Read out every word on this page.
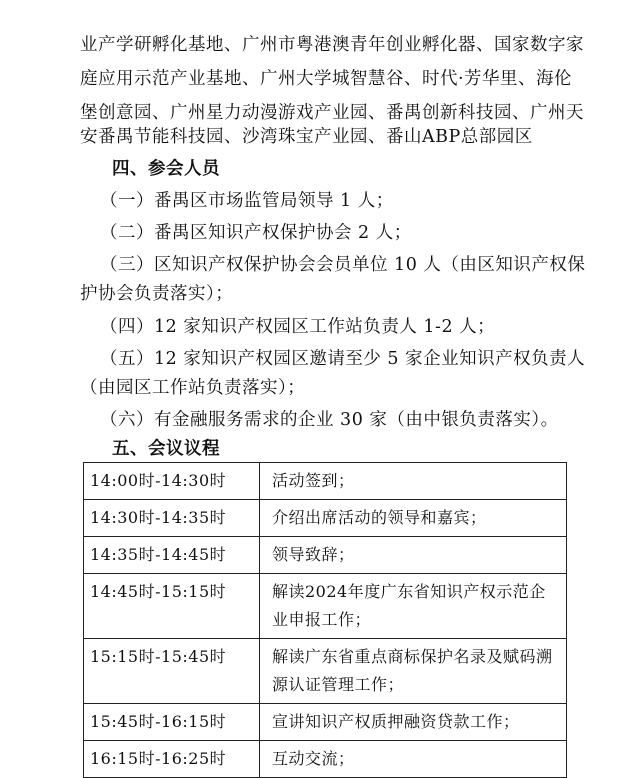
业产学研孵化基地、广州市粤港澳青年创业孵化器、国家数字家
庭应用示范产业基地、广州大学城智慧谷、时代·芳华里、海伦
堡创意园、广州星力动漫游戏产业园、番禺创新科技园、广州天
安番禺节能科技园、沙湾珠宝产业园、番山ABP总部园区
四、参会人员
（一）番禺区市场监管局领导 1 人；
（二）番禺区知识产权保护协会 2 人；
（三）区知识产权保护协会会员单位 10 人（由区知识产权保
护协会负责落实）；
（四）12 家知识产权园区工作站负责人 1-2 人；
（五）12 家知识产权园区邀请至少 5 家企业知识产权负责人
（由园区工作站负责落实）；
（六）有金融服务需求的企业 30 家（由中银负责落实）。
五、会议议程
14:00时-14:30时	活动签到；
14:30时-14:35时	介绍出席活动的领导和嘉宾；
14:35时-14:45时	领导致辞；
14:45时-15:15时	解读2024年度广东省知识产权示范企业申报工作；
15:15时-15:45时	解读广东省重点商标保护名录及赋码溯源认证管理工作；
15:45时-16:15时	宣讲知识产权质押融资贷款工作；
16:15时-16:25时	互动交流；
